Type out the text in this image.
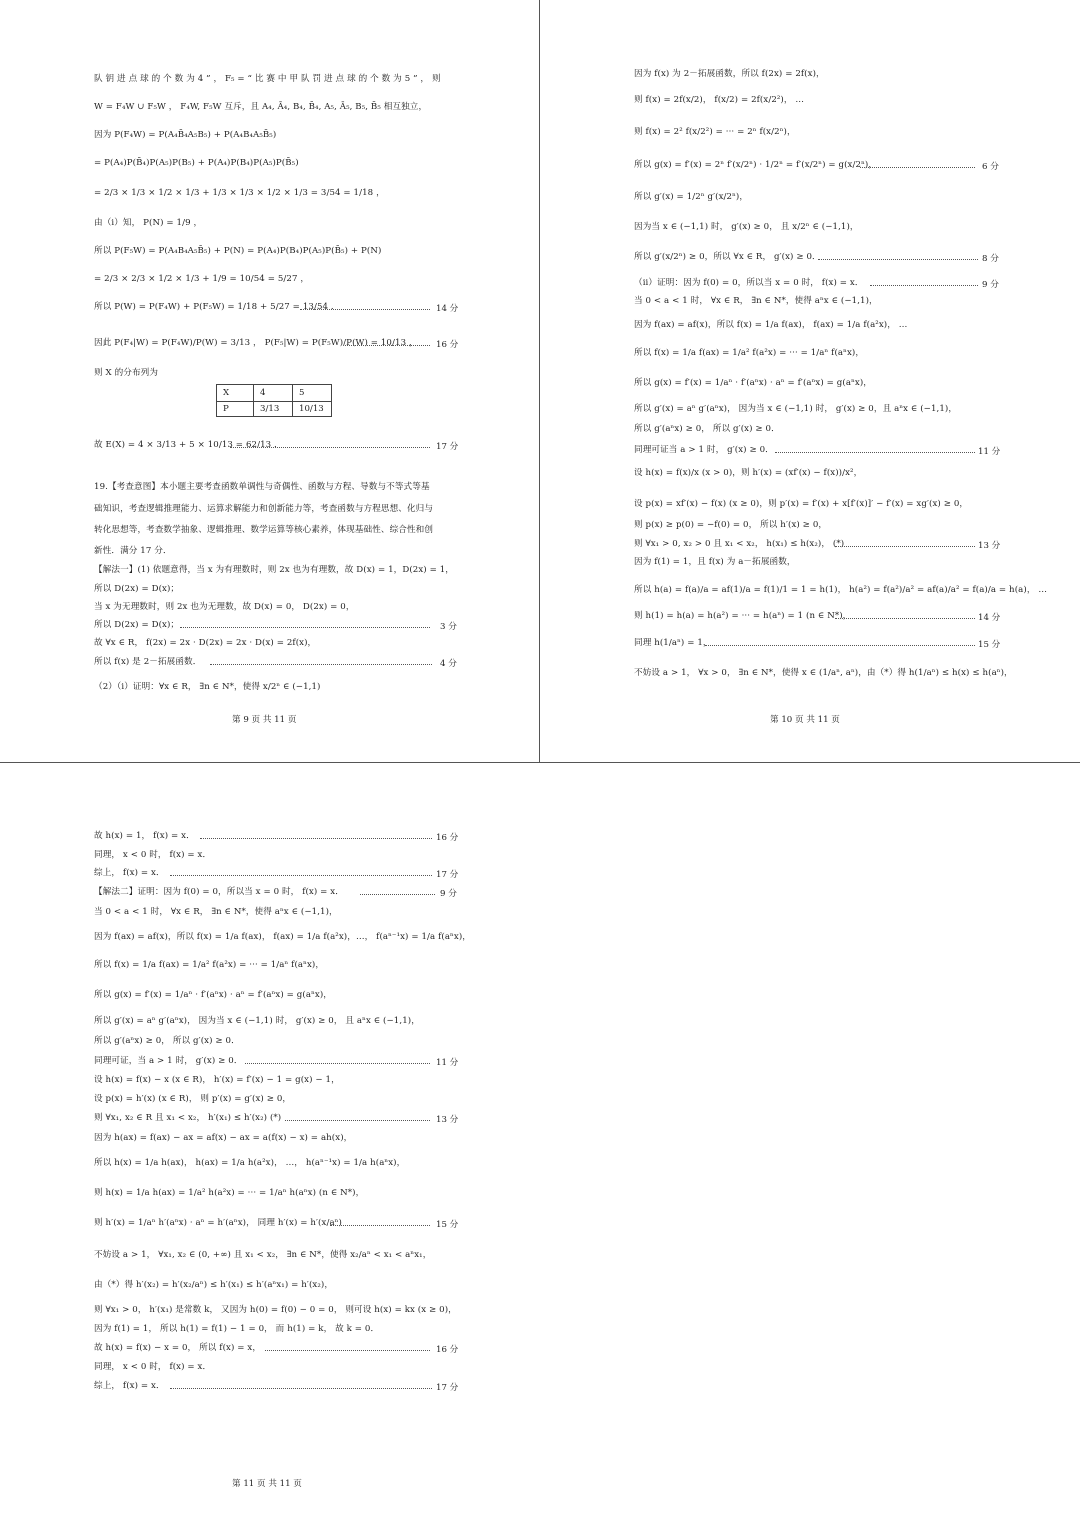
队 钥 进 点 球 的 个 数 为 4 ” ， F₅ = “ 比 赛 中 甲 队 罚 进 点 球 的 个 数 为 5 ” ， 则
W = F₄W ∪ F₅W ， F₄W, F₅W 互斥，且 A₄, Ā₄, B₄, B̄₄, A₅, Ā₅, B₅, B̄₅ 相互独立，
因为 P(F₄W) = P(A₄B̄₄A₅B₅) + P(A₄B₄A₅B̄₅)
= P(A₄)P(B̄₄)P(A₅)P(B₅) + P(A₄)P(B₄)P(A₅)P(B̄₅)
= 2/3 × 1/3 × 1/2 × 1/3 + 1/3 × 1/3 × 1/2 × 1/3 = 3/54 = 1/18 ，
由（i）知， P(N) = 1/9 ，
所以 P(F₅W) = P(A₄B₄A₅B̄₅) + P(N) = P(A₄)P(B₄)P(A₅)P(B̄₅) + P(N)
= 2/3 × 2/3 × 1/2 × 1/3 + 1/9 = 10/54 = 5/27 ，
所以 P(W) = P(F₄W) + P(F₅W) = 1/18 + 5/27 = 13/54 .	14 分
因此 P(F₄|W) = P(F₄W)/P(W) = 3/13 ， P(F₅|W) = P(F₅W)/P(W) = 10/13 ， 16 分
则 X 的分布列为
X	4	5
P	3/13	10/13
故 E(X) = 4 × 3/13 + 5 × 10/13 = 62/13 .	17 分
19.【考查意图】本小题主要考查函数单调性与奇偶性、函数与方程、导数与不等式等基
础知识，考查逻辑推理能力、运算求解能力和创新能力等，考查函数与方程思想、化归与
转化思想等，考查数学抽象、逻辑推理、数学运算等核心素养，体现基础性、综合性和创
新性．满分 17 分．
【解法一】(1) 依题意得，当 x 为有理数时，则 2x 也为有理数，故 D(x) = 1，D(2x) = 1，
所以 D(2x) = D(x)；
当 x 为无理数时，则 2x 也为无理数，故 D(x) = 0， D(2x) = 0，
所以 D(2x) = D(x)；	3 分
故 ∀x ∈ R， f(2x) = 2x · D(2x) = 2x · D(x) = 2f(x)，
所以 f(x) 是 2－拓展函数．	4 分
（2）（i）证明：∀x ∈ R， ∃n ∈ N*，使得 x/2ⁿ ∈ (−1,1)
第 9 页 共 11 页
因为 f(x) 为 2－拓展函数，所以 f(2x) = 2f(x)，
则 f(x) = 2f(x/2)， f(x/2) = 2f(x/2²)， …
则 f(x) = 2² f(x/2²) = ··· = 2ⁿ f(x/2ⁿ)，
所以 g(x) = f′(x) = 2ⁿ f′(x/2ⁿ) · 1/2ⁿ = f′(x/2ⁿ) = g(x/2ⁿ)，	6 分
所以 g′(x) = 1/2ⁿ g′(x/2ⁿ)，
因为当 x ∈ (−1,1) 时， g′(x) ≥ 0， 且 x/2ⁿ ∈ (−1,1)，
所以 g′(x/2ⁿ) ≥ 0，所以 ∀x ∈ R， g′(x) ≥ 0．	8 分
（ii）证明：因为 f(0) = 0，所以当 x = 0 时， f(x) = x．	9 分
当 0 < a < 1 时， ∀x ∈ R， ∃n ∈ N*，使得 aⁿx ∈ (−1,1)，
因为 f(ax) = af(x)，所以 f(x) = 1/a f(ax)， f(ax) = 1/a f(a²x)， …
所以 f(x) = 1/a f(ax) = 1/a² f(a²x) = ··· = 1/aⁿ f(aⁿx)，
所以 g(x) = f′(x) = 1/aⁿ · f′(aⁿx) · aⁿ = f′(aⁿx) = g(aⁿx)，
所以 g′(x) = aⁿ g′(aⁿx)， 因为当 x ∈ (−1,1) 时， g′(x) ≥ 0，且 aⁿx ∈ (−1,1)，
所以 g′(aⁿx) ≥ 0， 所以 g′(x) ≥ 0．
同理可证当 a > 1 时， g′(x) ≥ 0．	11 分
设 h(x) = f(x)/x (x > 0)，则 h′(x) = (xf′(x) − f(x))/x²，
设 p(x) = xf′(x) − f(x) (x ≥ 0)，则 p′(x) = f′(x) + x[f′(x)]′ − f′(x) = xg′(x) ≥ 0，
则 p(x) ≥ p(0) = −f(0) = 0， 所以 h′(x) ≥ 0，
则 ∀x₁ > 0, x₂ > 0 且 x₁ < x₂， h(x₁) ≤ h(x₂)， (*)	13 分
因为 f(1) = 1，且 f(x) 为 a－拓展函数，
所以 h(a) = f(a)/a = af(1)/a = f(1)/1 = 1 = h(1)， h(a²) = f(a²)/a² = af(a)/a² = f(a)/a = h(a)， …
则 h(1) = h(a) = h(a²) = ··· = h(aⁿ) = 1 (n ∈ N*)，	14 分
同理 h(1/aⁿ) = 1，	15 分
不妨设 a > 1， ∀x > 0， ∃n ∈ N*，使得 x ∈ (1/aⁿ, aⁿ)，由（*）得 h(1/aⁿ) ≤ h(x) ≤ h(aⁿ)，
第 10 页 共 11 页
故 h(x) = 1， f(x) = x．	16 分
同理， x < 0 时， f(x) = x．
综上， f(x) = x．	17 分
【解法二】证明：因为 f(0) = 0，所以当 x = 0 时， f(x) = x．	9 分
当 0 < a < 1 时， ∀x ∈ R， ∃n ∈ N*，使得 aⁿx ∈ (−1,1)，
因为 f(ax) = af(x)，所以 f(x) = 1/a f(ax)， f(ax) = 1/a f(a²x)，…， f(aⁿ⁻¹x) = 1/a f(aⁿx)，
所以 f(x) = 1/a f(ax) = 1/a² f(a²x) = ··· = 1/aⁿ f(aⁿx)，
所以 g(x) = f′(x) = 1/aⁿ · f′(aⁿx) · aⁿ = f′(aⁿx) = g(aⁿx)，
所以 g′(x) = aⁿ g′(aⁿx)， 因为当 x ∈ (−1,1) 时， g′(x) ≥ 0， 且 aⁿx ∈ (−1,1)，
所以 g′(aⁿx) ≥ 0， 所以 g′(x) ≥ 0．
同理可证，当 a > 1 时， g′(x) ≥ 0．	11 分
设 h(x) = f(x) − x (x ∈ R)， h′(x) = f′(x) − 1 = g(x) − 1，
设 p(x) = h′(x) (x ∈ R)， 则 p′(x) = g′(x) ≥ 0，
则 ∀x₁, x₂ ∈ R 且 x₁ < x₂， h′(x₁) ≤ h′(x₂) (*)	13 分
因为 h(ax) = f(ax) − ax = af(x) − ax = a(f(x) − x) = ah(x)，
所以 h(x) = 1/a h(ax)， h(ax) = 1/a h(a²x)， …， h(aⁿ⁻¹x) = 1/a h(aⁿx)，
则 h(x) = 1/a h(ax) = 1/a² h(a²x) = ··· = 1/aⁿ h(aⁿx) (n ∈ N*)，
则 h′(x) = 1/aⁿ h′(aⁿx) · aⁿ = h′(aⁿx)， 同理 h′(x) = h′(x/aⁿ)	15 分
不妨设 a > 1， ∀x₁, x₂ ∈ (0, +∞) 且 x₁ < x₂， ∃n ∈ N*，使得 x₂/aⁿ < x₁ < aⁿx₁，
由（*）得 h′(x₂) = h′(x₂/aⁿ) ≤ h′(x₁) ≤ h′(aⁿx₁) = h′(x₂)，
则 ∀x₁ > 0， h′(x₁) 是常数 k， 又因为 h(0) = f(0) − 0 = 0， 则可设 h(x) = kx (x ≥ 0)，
因为 f(1) = 1， 所以 h(1) = f(1) − 1 = 0， 而 h(1) = k， 故 k = 0．
故 h(x) = f(x) − x = 0， 所以 f(x) = x，	16 分
同理， x < 0 时， f(x) = x．
综上， f(x) = x．	17 分
第 11 页 共 11 页
